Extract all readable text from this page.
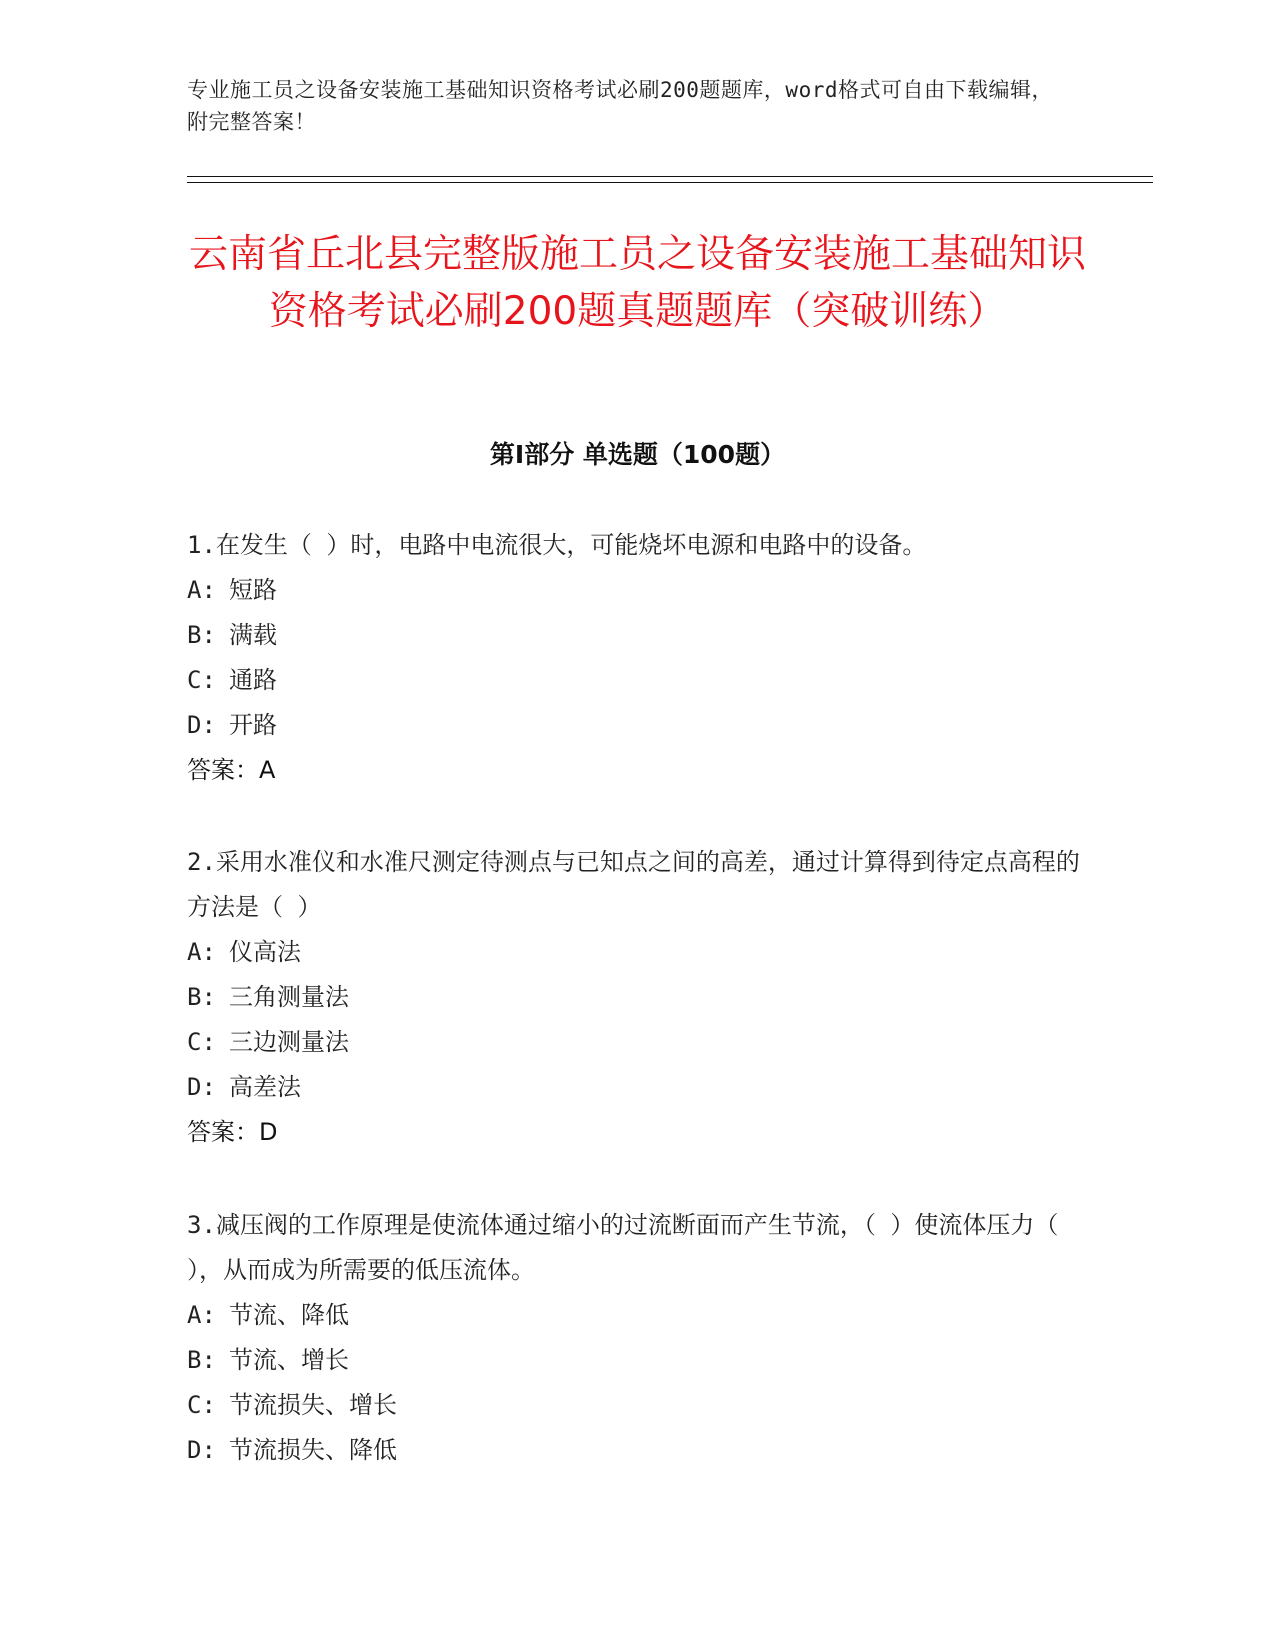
专业施工员之设备安装施工基础知识资格考试必刷200题题库，word格式可自由下载编辑，附完整答案！
云南省丘北县完整版施工员之设备安装施工基础知识资格考试必刷200题真题题库（突破训练）
第Ⅰ部分 单选题（100题）
1.在发生（ ）时，电路中电流很大，可能烧坏电源和电路中的设备。
A: 短路
B: 满载
C: 通路
D: 开路
答案：A
2.采用水准仪和水准尺测定待测点与已知点之间的高差，通过计算得到待定点高程的方法是（ ）
A: 仪高法
B: 三角测量法
C: 三边测量法
D: 高差法
答案：D
3.减压阀的工作原理是使流体通过缩小的过流断面而产生节流，（ ）使流体压力（ ），从而成为所需要的低压流体。
A: 节流、降低
B: 节流、增长
C: 节流损失、增长
D: 节流损失、降低
